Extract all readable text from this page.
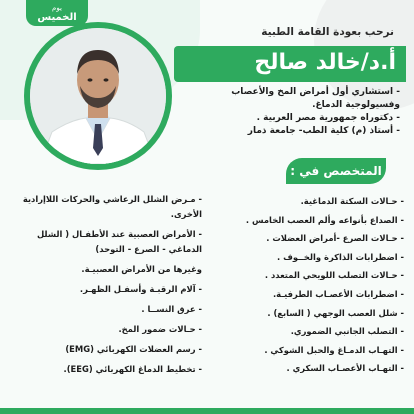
يوم
الخميس
نرحب بعودة القامة الطبية
أ.د/خالد صالح
- استشاري أول أمراض المخ والأعصاب وفسيولوجية الدماغ.
- دكتوراه جمهورية مصر العربية .
- أستاذ (م) كلية الطب- جامعة ذمار
المتخصص في :
- حـالات السكتة الدماغية.
- الصداع بأنواعه وألم العصب الخامس .
- حـالات الصرع -أمراض العضلات .
- اضطرابات الذاكرة والخــوف .
- حـالات التصلب اللويحي المتعدد .
- اضطرابات الأعصـاب الطرفيـة.
- شلل العصب الوجهي ( السابع) .
- التصلب الجانبي الضموري.
- التهـاب الدمـاغ والحبل الشوكي .
- التهـاب الأعصـاب السكري .
- مـرض الشلل الرعاشي والحركات اللاإرادية الأخرى.
- الأمراض العصبية عند الأطفـال ( الشلل الدماغي - الصرع - التوحد)
وغيرها من الأمراض العصبيـة.
- آلام الرقبـة وأسفـل الظهـر.
- عرق النســا .
- حـالات ضمور المخ.
- رسم العضلات الكهربائي (EMG)
- تخطيط الدماغ الكهربائي (EEG).
